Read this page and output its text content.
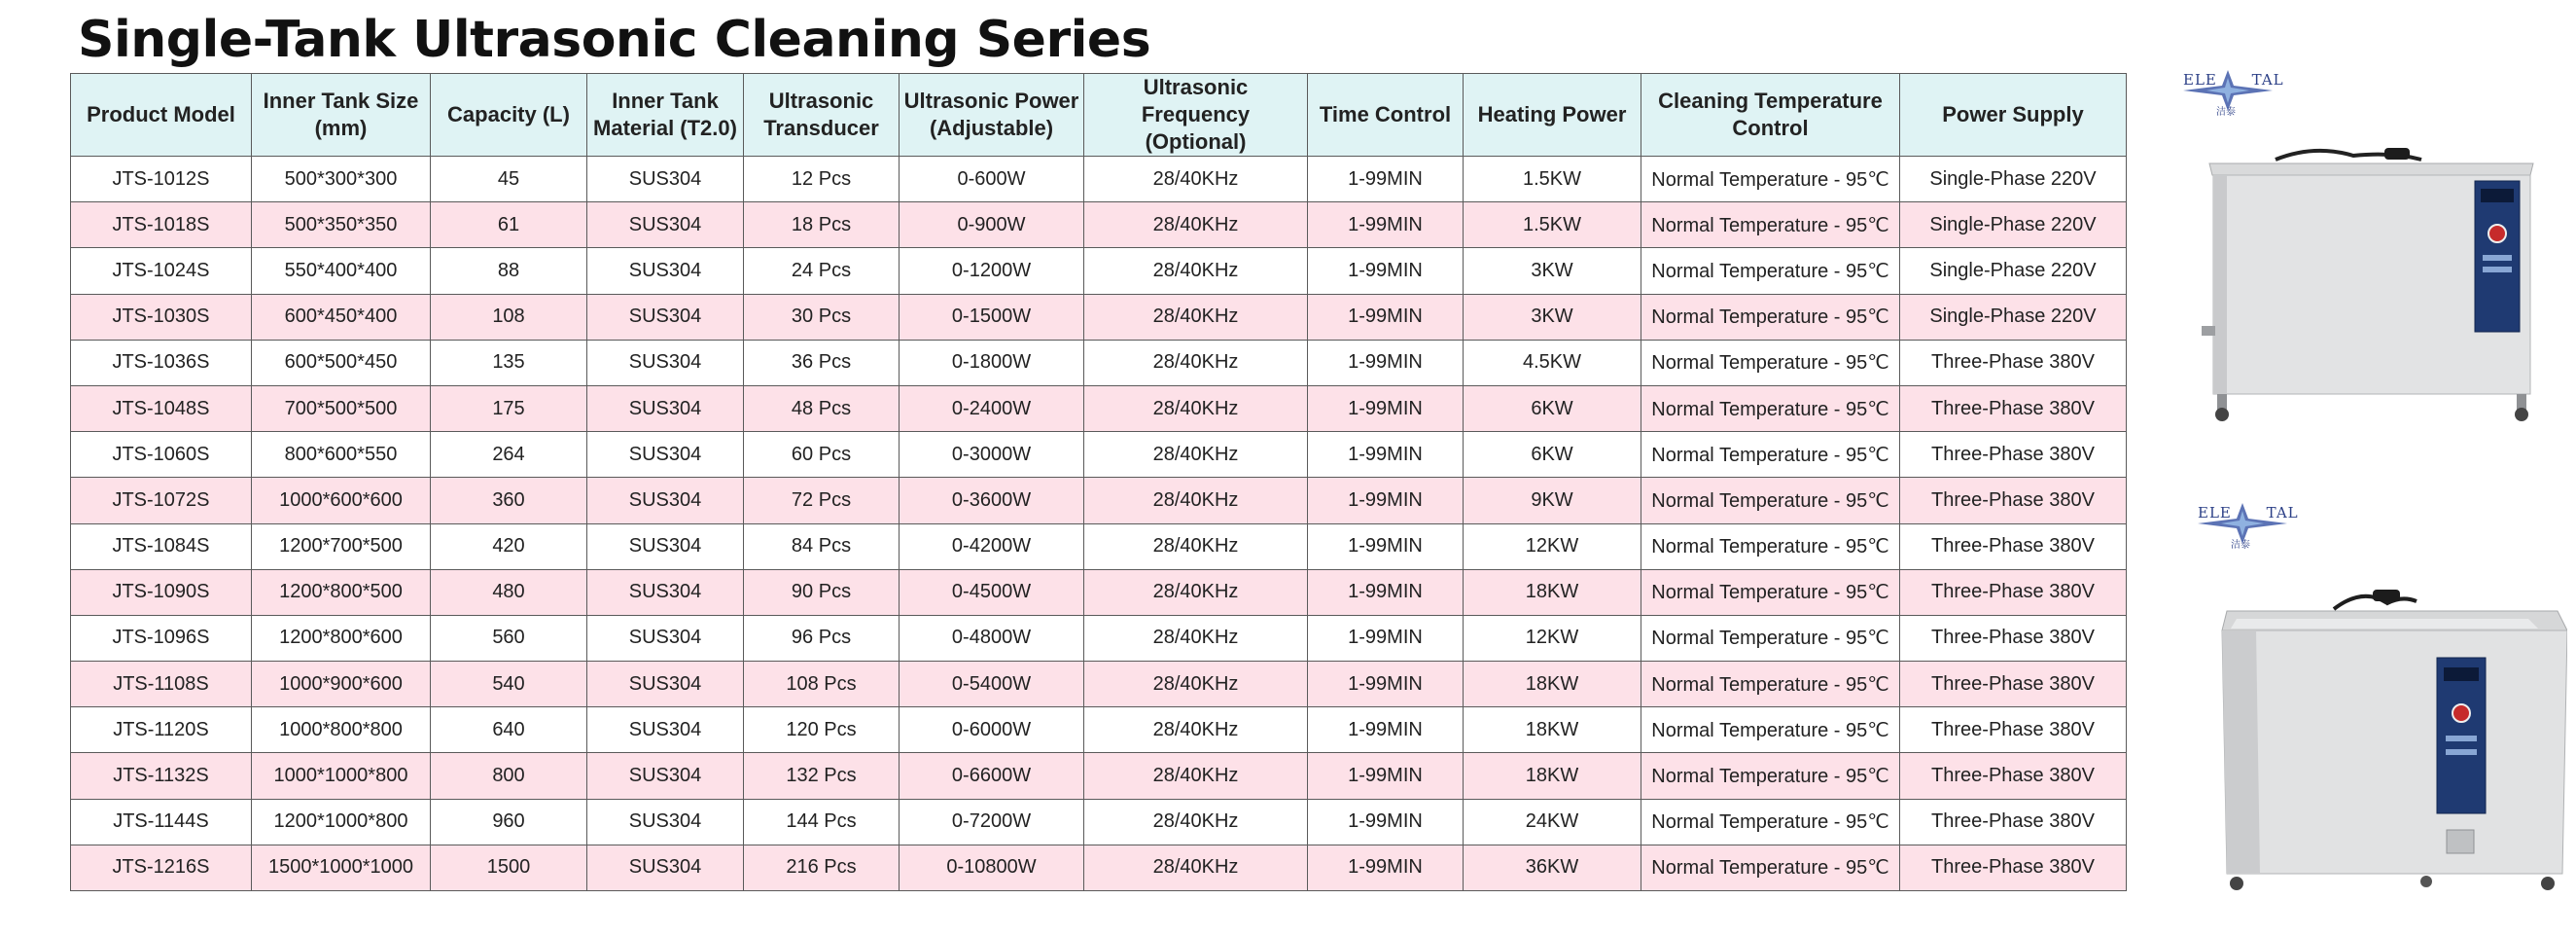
Single-Tank Ultrasonic Cleaning Series
Product Model	Inner Tank Size (mm)	Capacity (L)	Inner Tank Material (T2.0)	Ultrasonic Transducer	Ultrasonic Power (Adjustable)	Ultrasonic Frequency (Optional)	Time Control	Heating Power	Cleaning Temperature Control	Power Supply
JTS-1012S	500*300*300	45	SUS304	12 Pcs	0-600W	28/40KHz	1-99MIN	1.5KW	Normal Temperature - 95℃	Single-Phase 220V
JTS-1018S	500*350*350	61	SUS304	18 Pcs	0-900W	28/40KHz	1-99MIN	1.5KW	Normal Temperature - 95℃	Single-Phase 220V
JTS-1024S	550*400*400	88	SUS304	24 Pcs	0-1200W	28/40KHz	1-99MIN	3KW	Normal Temperature - 95℃	Single-Phase 220V
JTS-1030S	600*450*400	108	SUS304	30 Pcs	0-1500W	28/40KHz	1-99MIN	3KW	Normal Temperature - 95℃	Single-Phase 220V
JTS-1036S	600*500*450	135	SUS304	36 Pcs	0-1800W	28/40KHz	1-99MIN	4.5KW	Normal Temperature - 95℃	Three-Phase 380V
JTS-1048S	700*500*500	175	SUS304	48 Pcs	0-2400W	28/40KHz	1-99MIN	6KW	Normal Temperature - 95℃	Three-Phase 380V
JTS-1060S	800*600*550	264	SUS304	60 Pcs	0-3000W	28/40KHz	1-99MIN	6KW	Normal Temperature - 95℃	Three-Phase 380V
JTS-1072S	1000*600*600	360	SUS304	72 Pcs	0-3600W	28/40KHz	1-99MIN	9KW	Normal Temperature - 95℃	Three-Phase 380V
JTS-1084S	1200*700*500	420	SUS304	84 Pcs	0-4200W	28/40KHz	1-99MIN	12KW	Normal Temperature - 95℃	Three-Phase 380V
JTS-1090S	1200*800*500	480	SUS304	90 Pcs	0-4500W	28/40KHz	1-99MIN	18KW	Normal Temperature - 95℃	Three-Phase 380V
JTS-1096S	1200*800*600	560	SUS304	96 Pcs	0-4800W	28/40KHz	1-99MIN	12KW	Normal Temperature - 95℃	Three-Phase 380V
JTS-1108S	1000*900*600	540	SUS304	108 Pcs	0-5400W	28/40KHz	1-99MIN	18KW	Normal Temperature - 95℃	Three-Phase 380V
JTS-1120S	1000*800*800	640	SUS304	120 Pcs	0-6000W	28/40KHz	1-99MIN	18KW	Normal Temperature - 95℃	Three-Phase 380V
JTS-1132S	1000*1000*800	800	SUS304	132 Pcs	0-6600W	28/40KHz	1-99MIN	18KW	Normal Temperature - 95℃	Three-Phase 380V
JTS-1144S	1200*1000*800	960	SUS304	144 Pcs	0-7200W	28/40KHz	1-99MIN	24KW	Normal Temperature - 95℃	Three-Phase 380V
JTS-1216S	1500*1000*1000	1500	SUS304	216 Pcs	0-10800W	28/40KHz	1-99MIN	36KW	Normal Temperature - 95℃	Three-Phase 380V
ELE TAL
洁泰
ELE TAL
洁泰
